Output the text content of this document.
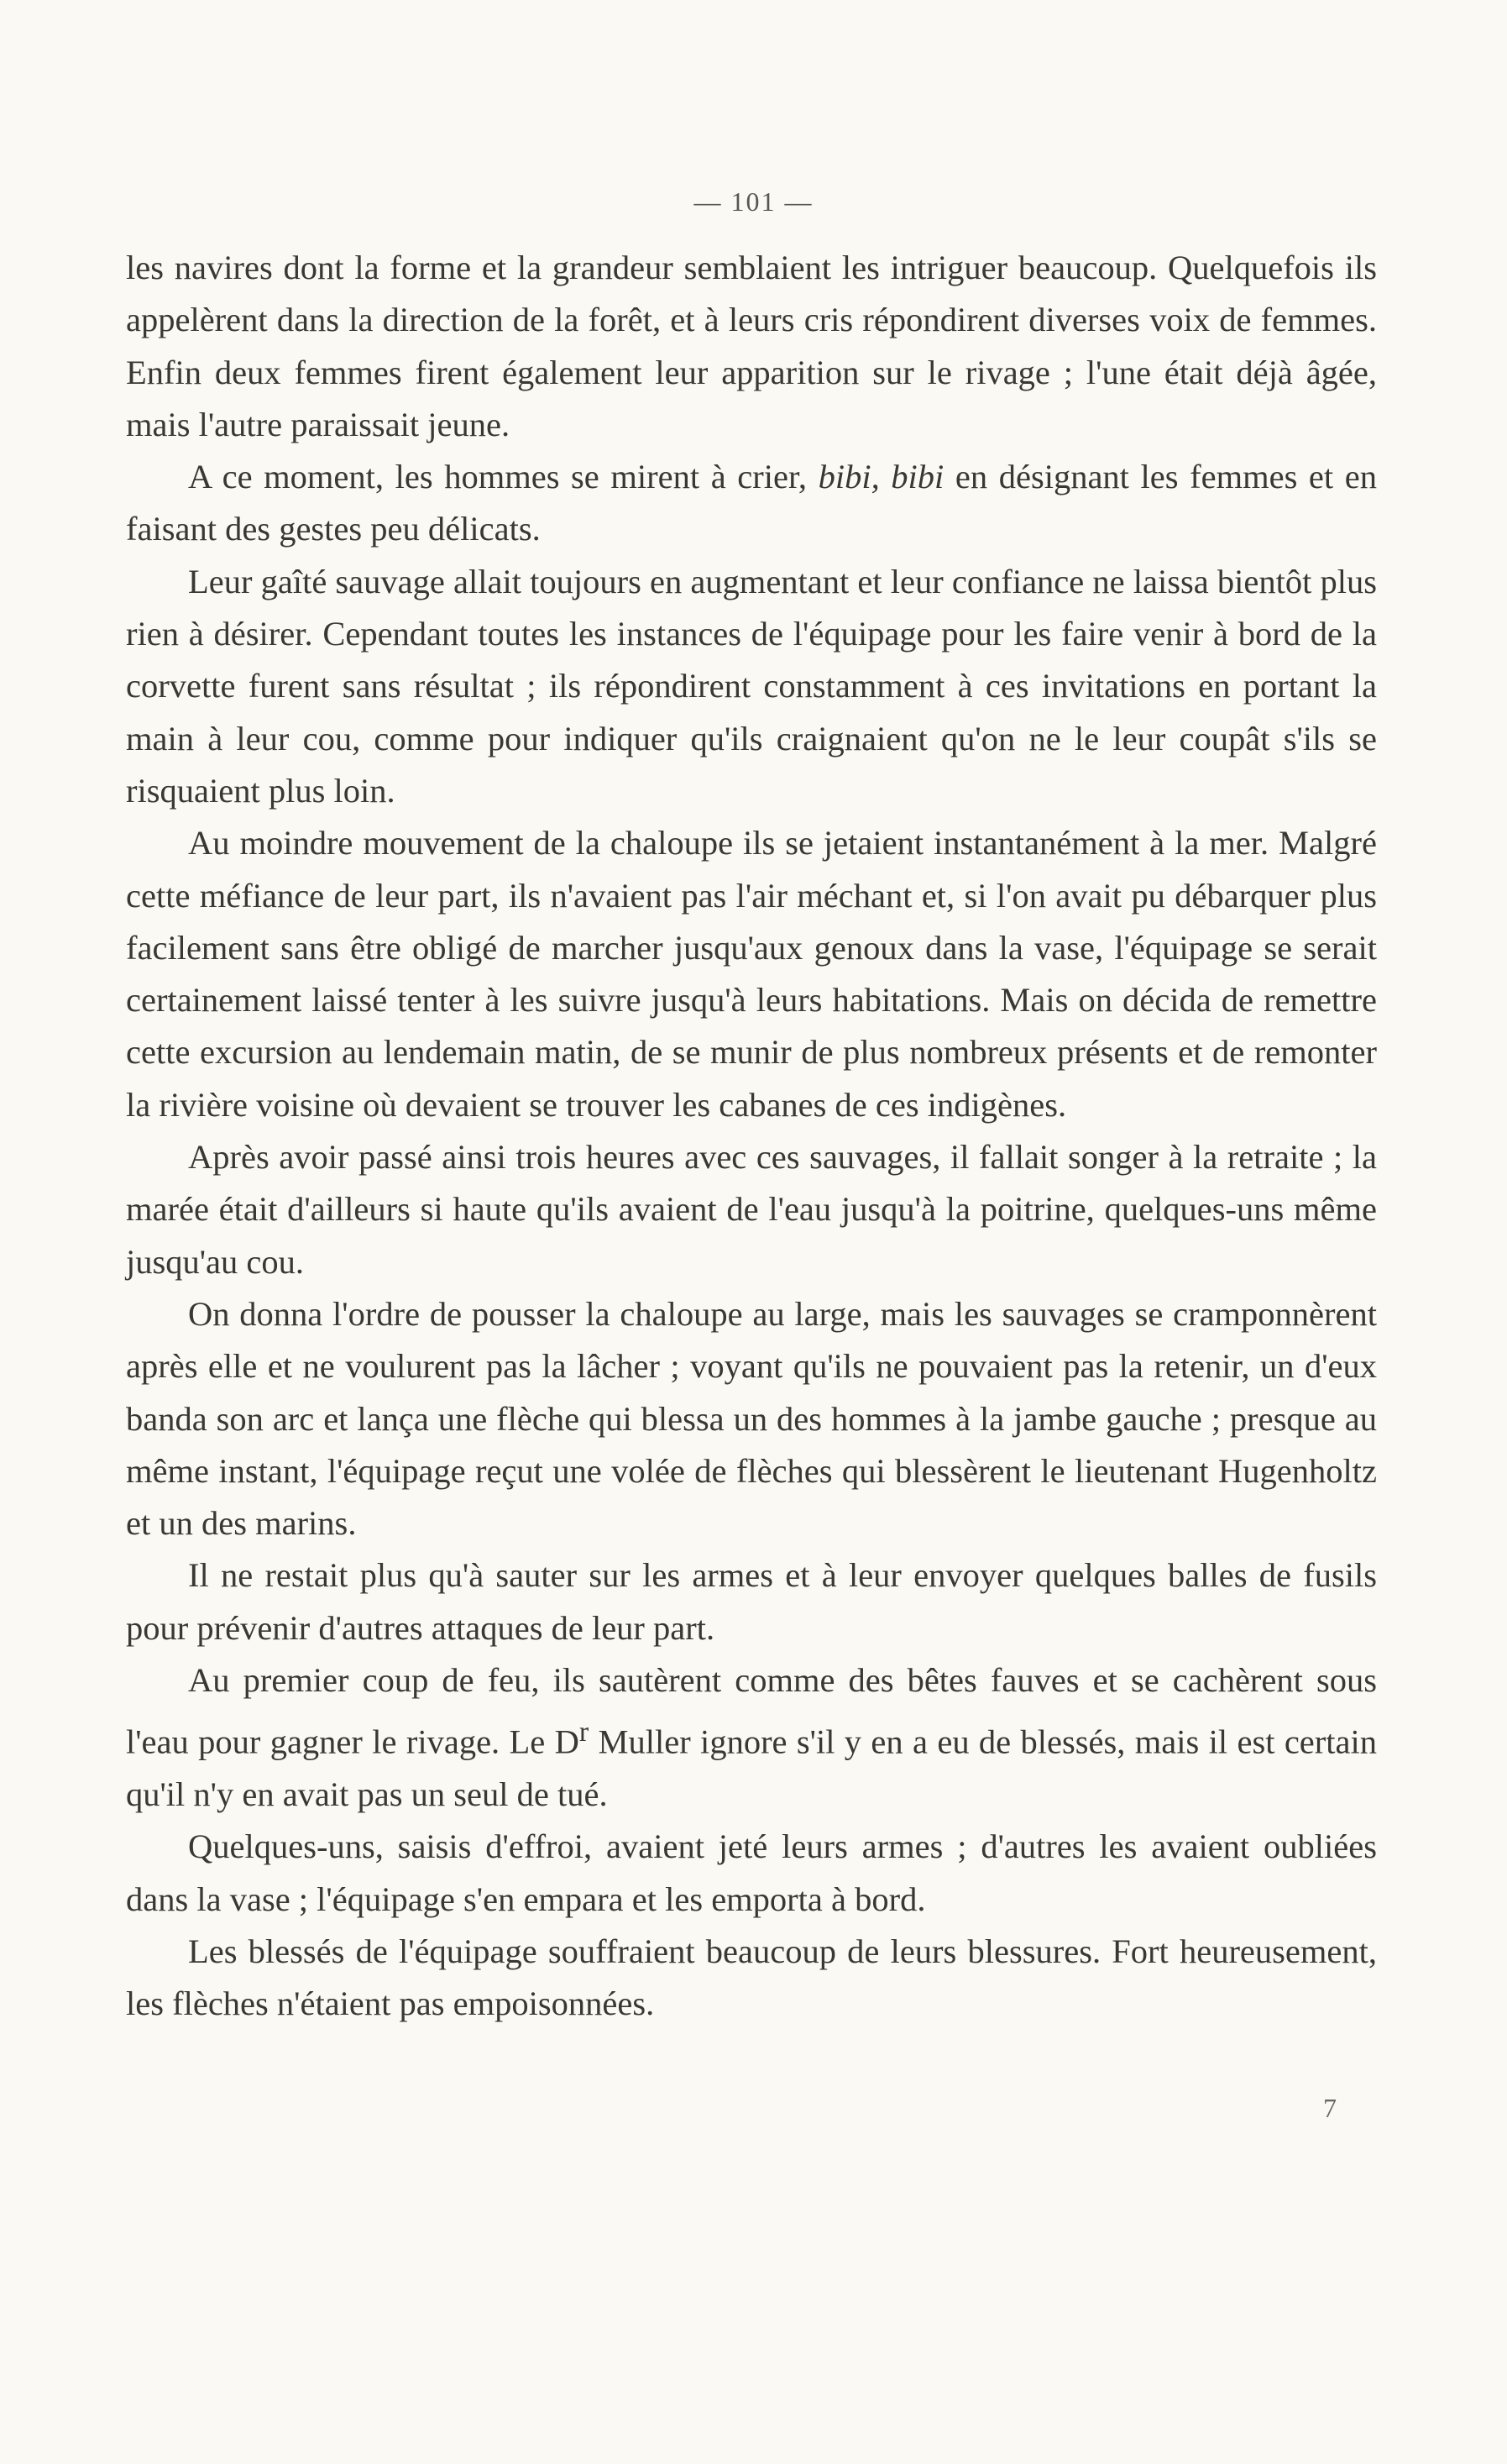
— 101 —

les navires dont la forme et la grandeur semblaient les intriguer beaucoup. Quelquefois ils appelèrent dans la direction de la forêt, et à leurs cris répondirent diverses voix de femmes. Enfin deux femmes firent également leur apparition sur le rivage ; l'une était déjà âgée, mais l'autre paraissait jeune.

A ce moment, les hommes se mirent à crier, bibi, bibi en désignant les femmes et en faisant des gestes peu délicats.

Leur gaîté sauvage allait toujours en augmentant et leur confiance ne laissa bientôt plus rien à désirer. Cependant toutes les instances de l'équipage pour les faire venir à bord de la corvette furent sans résultat ; ils répondirent constamment à ces invitations en portant la main à leur cou, comme pour indiquer qu'ils craignaient qu'on ne le leur coupât s'ils se risquaient plus loin.

Au moindre mouvement de la chaloupe ils se jetaient instantanément à la mer. Malgré cette méfiance de leur part, ils n'avaient pas l'air méchant et, si l'on avait pu débarquer plus facilement sans être obligé de marcher jusqu'aux genoux dans la vase, l'équipage se serait certainement laissé tenter à les suivre jusqu'à leurs habitations. Mais on décida de remettre cette excursion au lendemain matin, de se munir de plus nombreux présents et de remonter la rivière voisine où devaient se trouver les cabanes de ces indigènes.

Après avoir passé ainsi trois heures avec ces sauvages, il fallait songer à la retraite ; la marée était d'ailleurs si haute qu'ils avaient de l'eau jusqu'à la poitrine, quelques-uns même jusqu'au cou.

On donna l'ordre de pousser la chaloupe au large, mais les sauvages se cramponnèrent après elle et ne voulurent pas la lâcher ; voyant qu'ils ne pouvaient pas la retenir, un d'eux banda son arc et lança une flèche qui blessa un des hommes à la jambe gauche ; presque au même instant, l'équipage reçut une volée de flèches qui blessèrent le lieutenant Hugenholtz et un des marins.

Il ne restait plus qu'à sauter sur les armes et à leur envoyer quelques balles de fusils pour prévenir d'autres attaques de leur part.

Au premier coup de feu, ils sautèrent comme des bêtes fauves et se cachèrent sous l'eau pour gagner le rivage. Le $D^r$ Muller ignore s'il y en a eu de blessés, mais il est certain qu'il n'y en avait pas un seul de tué.

Quelques-uns, saisis d'effroi, avaient jeté leurs armes ; d'autres les avaient oubliées dans la vase ; l'équipage s'en empara et les emporta à bord.

Les blessés de l'équipage souffraient beaucoup de leurs blessures. Fort heureusement, les flèches n'étaient pas empoisonnées.

7
